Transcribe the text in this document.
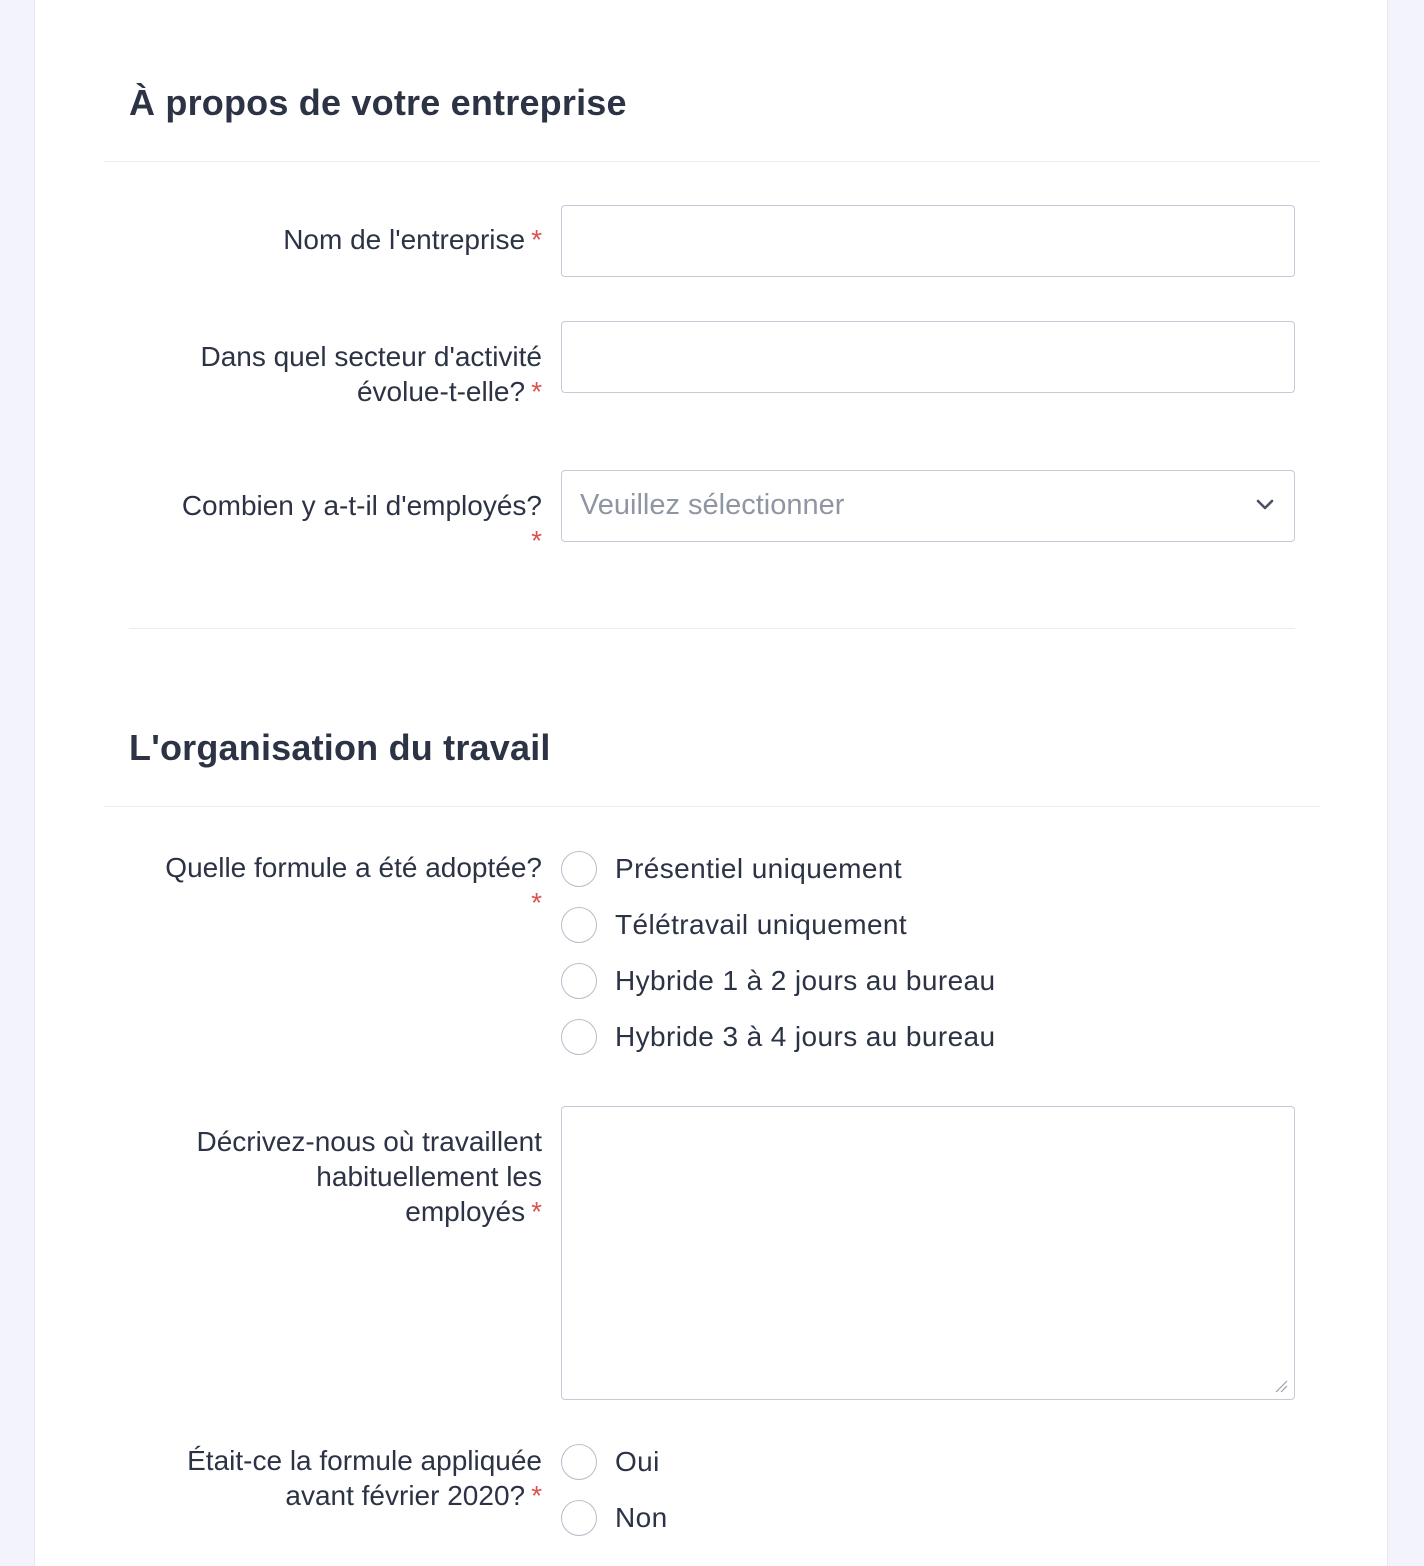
À propos de votre entreprise
Nom de l'entreprise *
Dans quel secteur d'activité
évolue-t-elle? *
Combien y a-t-il d'employés?
*
Veuillez sélectionner
L'organisation du travail
Quelle formule a été adoptée?
*
Présentiel uniquement
Télétravail uniquement
Hybride 1 à 2 jours au bureau
Hybride 3 à 4 jours au bureau
Décrivez-nous où travaillent
habituellement les
employés *
Était-ce la formule appliquée
avant février 2020? *
Oui
Non
